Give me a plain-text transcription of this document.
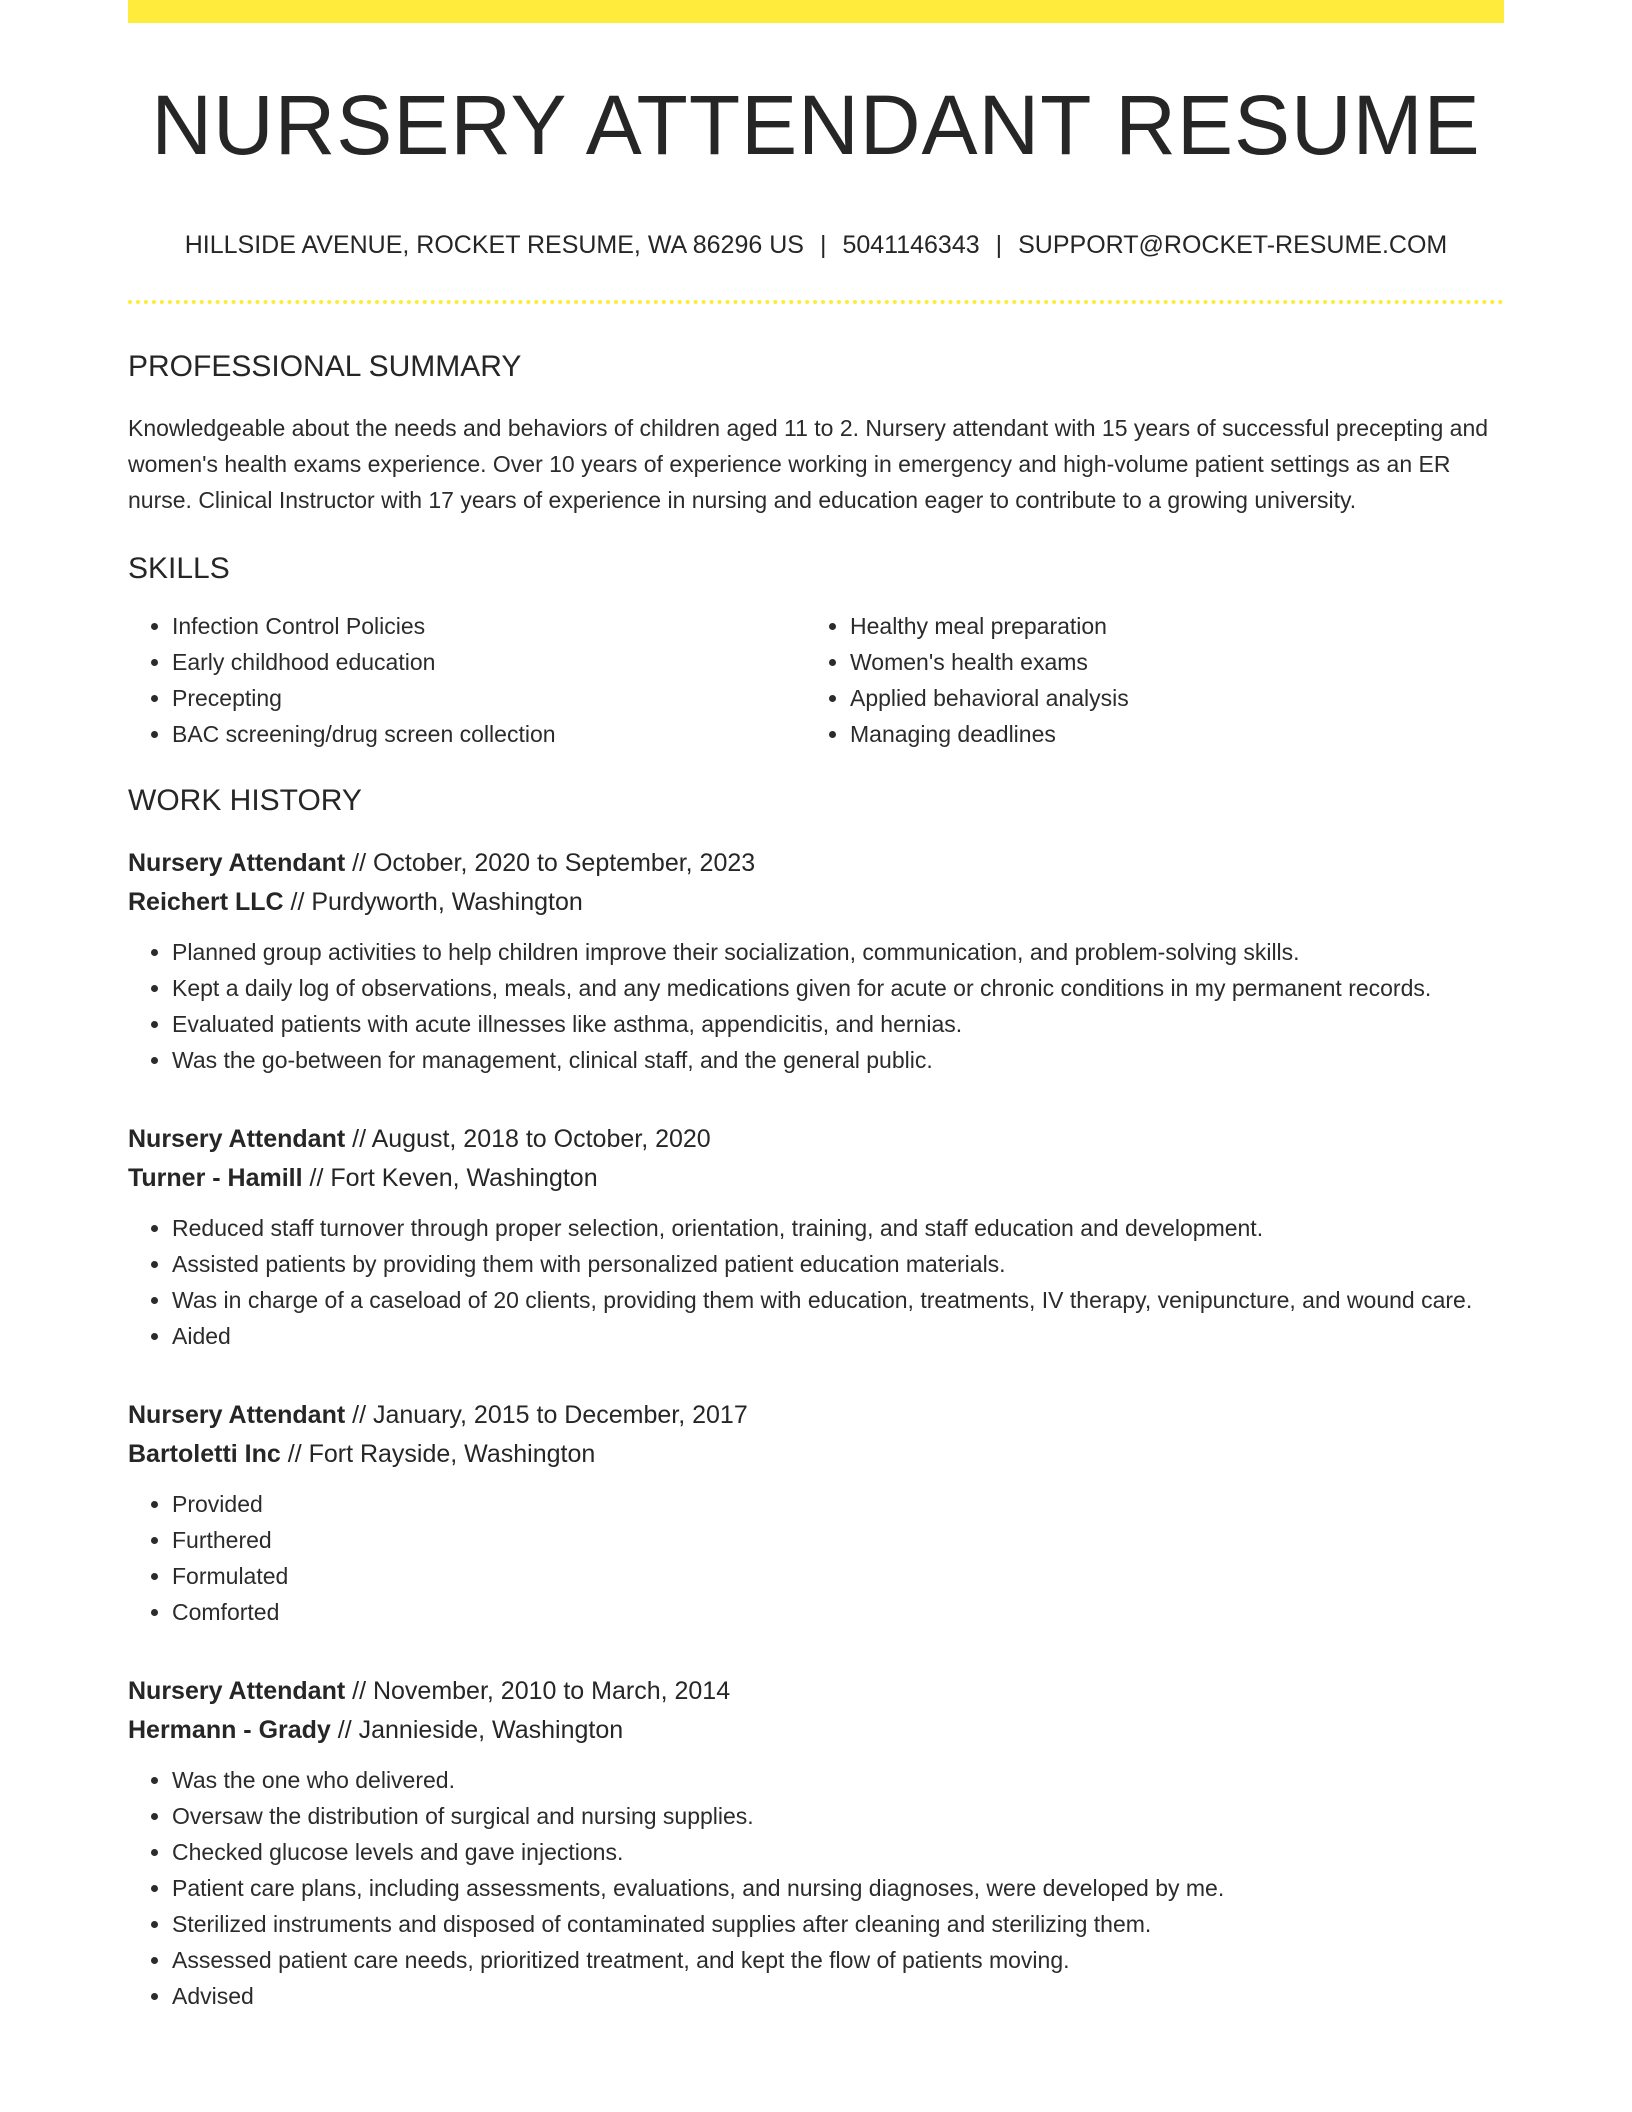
NURSERY ATTENDANT RESUME
HILLSIDE AVENUE, ROCKET RESUME, WA 86296 US | 5041146343 | SUPPORT@ROCKET-RESUME.COM
PROFESSIONAL SUMMARY
Knowledgeable about the needs and behaviors of children aged 11 to 2. Nursery attendant with 15 years of successful precepting and women's health exams experience. Over 10 years of experience working in emergency and high-volume patient settings as an ER nurse. Clinical Instructor with 17 years of experience in nursing and education eager to contribute to a growing university.
SKILLS
• Infection Control Policies
• Early childhood education
• Precepting
• BAC screening/drug screen collection
• Healthy meal preparation
• Women's health exams
• Applied behavioral analysis
• Managing deadlines
WORK HISTORY
Nursery Attendant // October, 2020 to September, 2023
Reichert LLC // Purdyworth, Washington
• Planned group activities to help children improve their socialization, communication, and problem-solving skills.
• Kept a daily log of observations, meals, and any medications given for acute or chronic conditions in my permanent records.
• Evaluated patients with acute illnesses like asthma, appendicitis, and hernias.
• Was the go-between for management, clinical staff, and the general public.
Nursery Attendant // August, 2018 to October, 2020
Turner - Hamill // Fort Keven, Washington
• Reduced staff turnover through proper selection, orientation, training, and staff education and development.
• Assisted patients by providing them with personalized patient education materials.
• Was in charge of a caseload of 20 clients, providing them with education, treatments, IV therapy, venipuncture, and wound care.
• Aided
Nursery Attendant // January, 2015 to December, 2017
Bartoletti Inc // Fort Rayside, Washington
• Provided
• Furthered
• Formulated
• Comforted
Nursery Attendant // November, 2010 to March, 2014
Hermann - Grady // Jannieside, Washington
• Was the one who delivered.
• Oversaw the distribution of surgical and nursing supplies.
• Checked glucose levels and gave injections.
• Patient care plans, including assessments, evaluations, and nursing diagnoses, were developed by me.
• Sterilized instruments and disposed of contaminated supplies after cleaning and sterilizing them.
• Assessed patient care needs, prioritized treatment, and kept the flow of patients moving.
• Advised
